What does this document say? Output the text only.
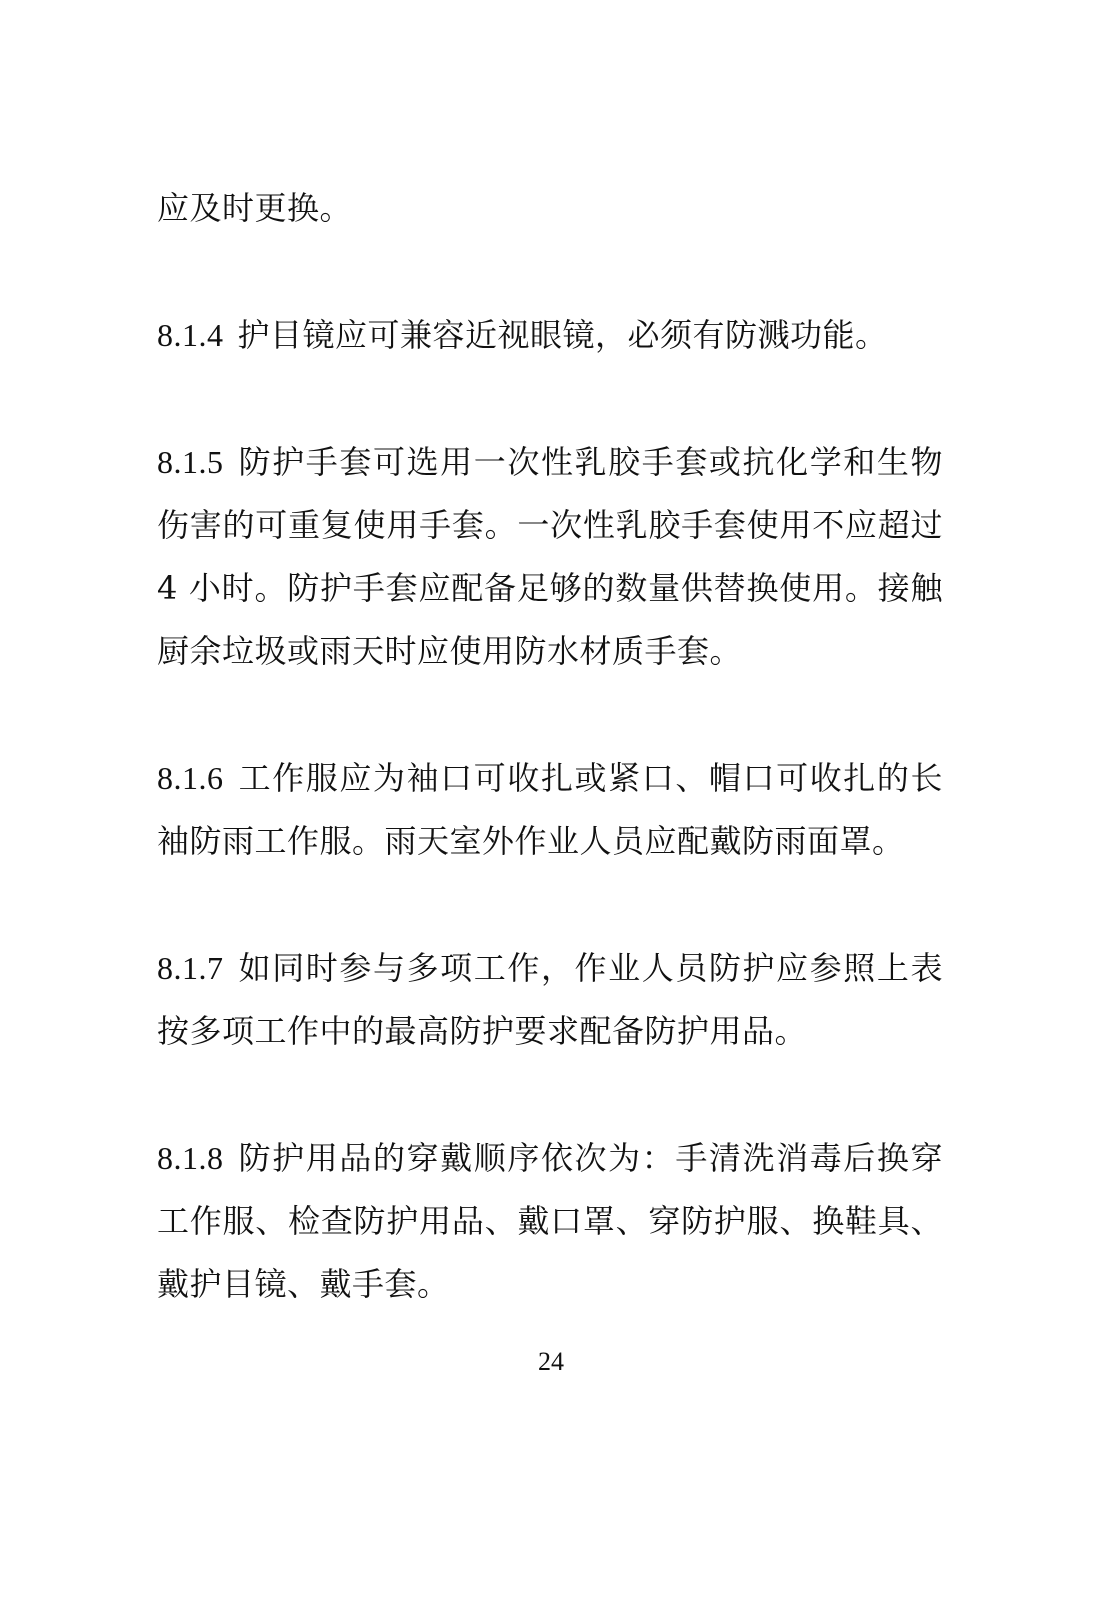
应及时更换。

8.1.4 护目镜应可兼容近视眼镜，必须有防溅功能。

8.1.5 防护手套可选用一次性乳胶手套或抗化学和生物伤害的可重复使用手套。一次性乳胶手套使用不应超过 4 小时。防护手套应配备足够的数量供替换使用。接触厨余垃圾或雨天时应使用防水材质手套。

8.1.6 工作服应为袖口可收扎或紧口、帽口可收扎的长袖防雨工作服。雨天室外作业人员应配戴防雨面罩。

8.1.7 如同时参与多项工作，作业人员防护应参照上表按多项工作中的最高防护要求配备防护用品。

8.1.8 防护用品的穿戴顺序依次为：手清洗消毒后换穿工作服、检查防护用品、戴口罩、穿防护服、换鞋具、戴护目镜、戴手套。

24
